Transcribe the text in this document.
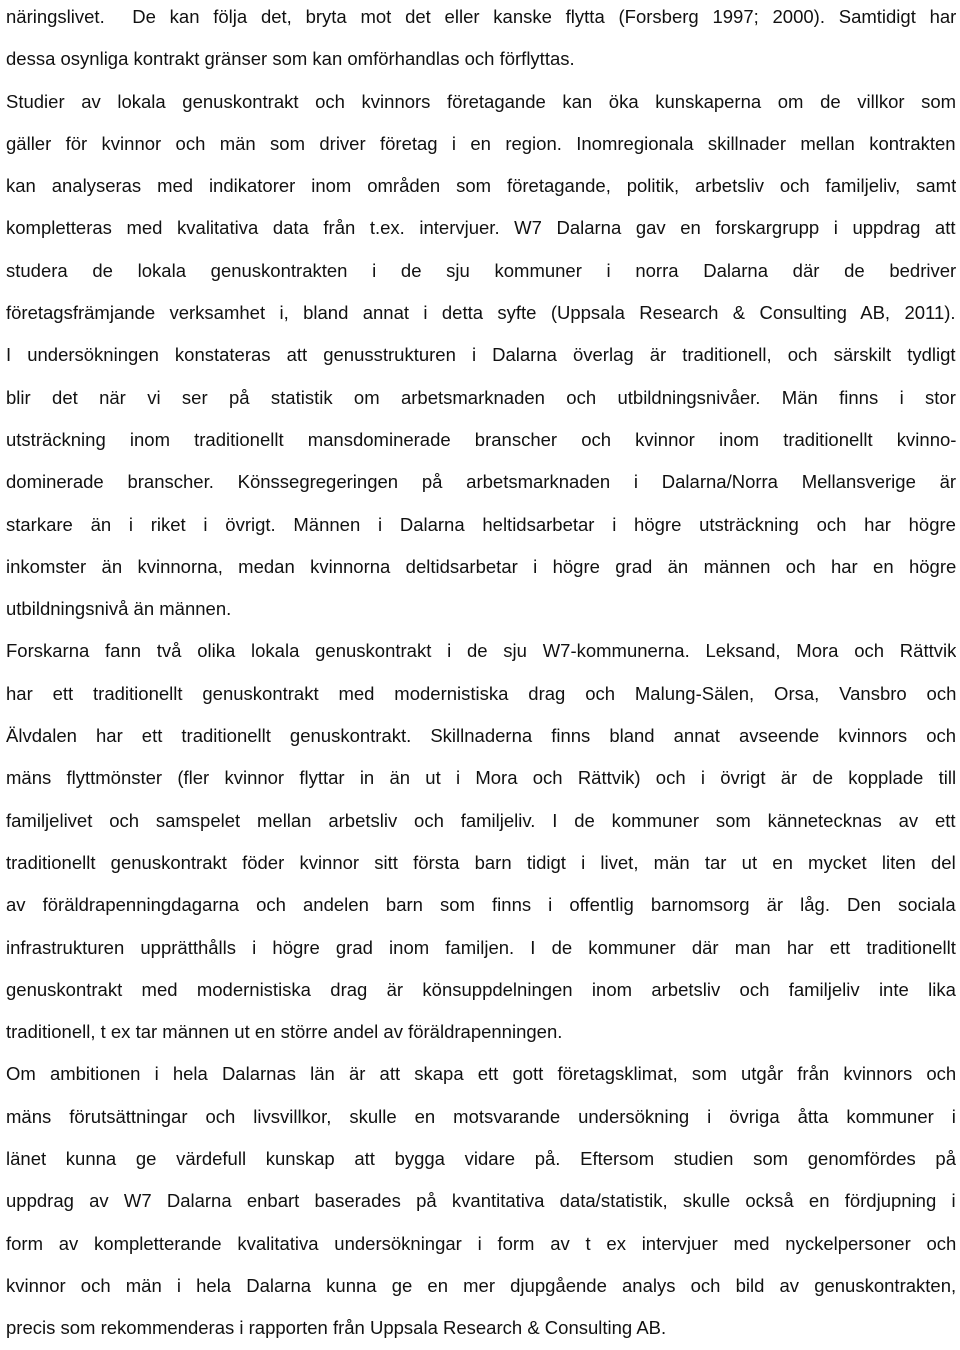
näringslivet.  De kan följa det, bryta mot det eller kanske flytta (Forsberg 1997; 2000). Samtidigt har
dessa osynliga kontrakt gränser som kan omförhandlas och förflyttas.
Studier av lokala genuskontrakt och kvinnors företagande kan öka kunskaperna om de villkor som
gäller för kvinnor och män som driver företag i en region. Inomregionala skillnader mellan kontrakten
kan analyseras med indikatorer inom områden som företagande, politik, arbetsliv och familjeliv, samt
kompletteras med kvalitativa data från t.ex. intervjuer. W7 Dalarna gav en forskargrupp i uppdrag att
studera de lokala genuskontrakten i de sju kommuner i norra Dalarna där de bedriver
företagsfrämjande verksamhet i, bland annat i detta syfte (Uppsala Research & Consulting AB, 2011).
I undersökningen konstateras att genusstrukturen i Dalarna överlag är traditionell, och särskilt tydligt
blir det när vi ser på statistik om arbetsmarknaden och utbildningsnivåer. Män finns i stor
utsträckning inom traditionellt mansdominerade branscher och kvinnor inom traditionellt kvinno-
dominerade branscher. Könssegregeringen på arbetsmarknaden i Dalarna/Norra Mellansverige är
starkare än i riket i övrigt. Männen i Dalarna heltidsarbetar i högre utsträckning och har högre
inkomster än kvinnorna, medan kvinnorna deltidsarbetar i högre grad än männen och har en högre
utbildningsnivå än männen.
Forskarna fann två olika lokala genuskontrakt i de sju W7-kommunerna. Leksand, Mora och Rättvik
har ett traditionellt genuskontrakt med modernistiska drag och Malung-Sälen, Orsa, Vansbro och
Älvdalen har ett traditionellt genuskontrakt. Skillnaderna finns bland annat avseende kvinnors och
mäns flyttmönster (fler kvinnor flyttar in än ut i Mora och Rättvik) och i övrigt är de kopplade till
familjelivet och samspelet mellan arbetsliv och familjeliv. I de kommuner som kännetecknas av ett
traditionellt genuskontrakt föder kvinnor sitt första barn tidigt i livet, män tar ut en mycket liten del
av föräldrapenningdagarna och andelen barn som finns i offentlig barnomsorg är låg. Den sociala
infrastrukturen upprätthålls i högre grad inom familjen. I de kommuner där man har ett traditionellt
genuskontrakt med modernistiska drag är könsuppdelningen inom arbetsliv och familjeliv inte lika
traditionell, t ex tar männen ut en större andel av föräldrapenningen.
Om ambitionen i hela Dalarnas län är att skapa ett gott företagsklimat, som utgår från kvinnors och
mäns förutsättningar och livsvillkor, skulle en motsvarande undersökning i övriga åtta kommuner i
länet kunna ge värdefull kunskap att bygga vidare på. Eftersom studien som genomfördes på
uppdrag av W7 Dalarna enbart baserades på kvantitativa data/statistik, skulle också en fördjupning i
form av kompletterande kvalitativa undersökningar i form av t ex intervjuer med nyckelpersoner och
kvinnor och män i hela Dalarna kunna ge en mer djupgående analys och bild av genuskontrakten,
precis som rekommenderas i rapporten från Uppsala Research & Consulting AB.
